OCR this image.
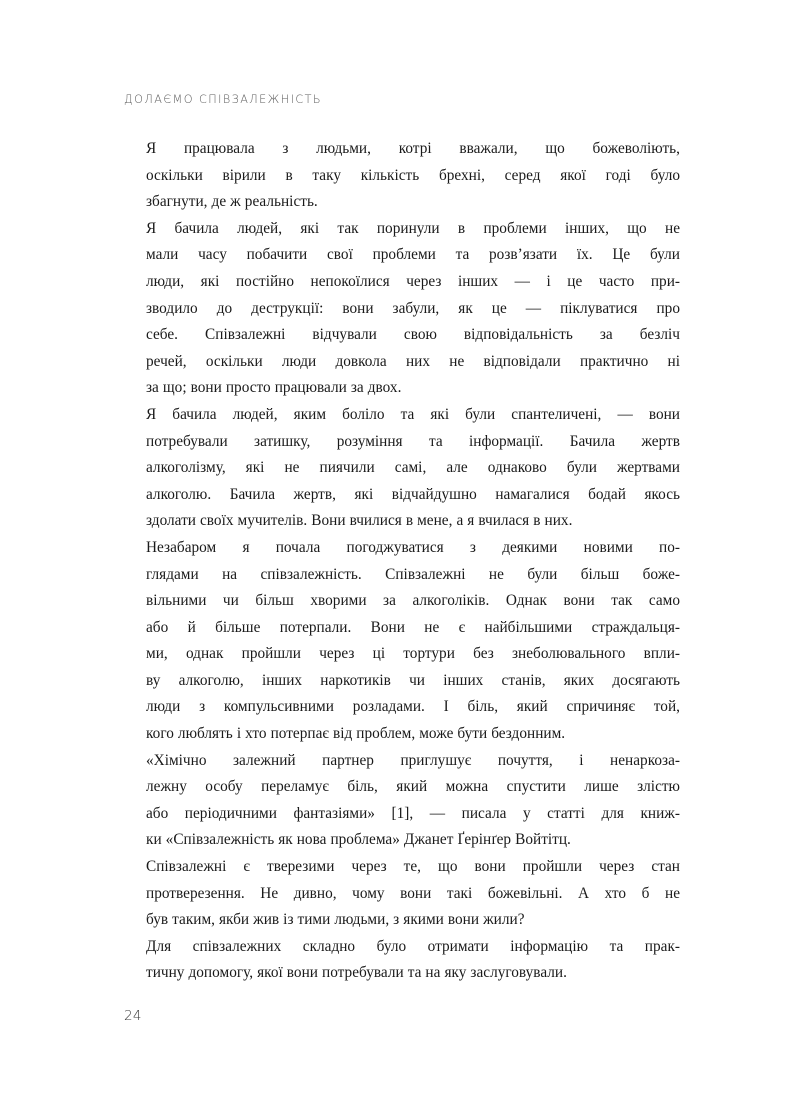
ДОЛАЄМО СПІВЗАЛЕЖНІСТЬ

Я працювала з людьми, котрі вважали, що божеволіють,
оскільки вірили в таку кількість брехні, серед якої годі було
збагнути, де ж реальність.

Я бачила людей, які так поринули в проблеми інших, що не
мали часу побачити свої проблеми та розв’язати їх. Це були
люди, які постійно непокоїлися через інших — і це часто при-
зводило до деструкції: вони забули, як це — піклуватися про
себе. Співзалежні відчували свою відповідальність за безліч
речей, оскільки люди довкола них не відповідали практично ні
за що; вони просто працювали за двох.

Я бачила людей, яким боліло та які були спантеличені, — вони
потребували затишку, розуміння та інформації. Бачила жертв
алкоголізму, які не пиячили самі, але однаково були жертвами
алкоголю. Бачила жертв, які відчайдушно намагалися бодай якось
здолати своїх мучителів. Вони вчилися в мене, а я вчилася в них.

Незабаром я почала погоджуватися з деякими новими по-
глядами на співзалежність. Співзалежні не були більш боже-
вільними чи більш хворими за алкоголіків. Однак вони так само
або й більше потерпали. Вони не є найбільшими страждальця-
ми, однак пройшли через ці тортури без знеболювального впли-
ву алкоголю, інших наркотиків чи інших станів, яких досягають
люди з компульсивними розладами. І біль, який спричиняє той,
кого люблять і хто потерпає від проблем, може бути бездонним.

«Хімічно залежний партнер приглушує почуття, і ненаркоза-
лежну особу переламує біль, який можна спустити лише злістю
або періодичними фантазіями» [1], — писала у статті для книж-
ки «Співзалежність як нова проблема» Джанет Ґерінґер Войтітц.

Співзалежні є тверезими через те, що вони пройшли через стан
протверезення. Не дивно, чому вони такі божевільні. А хто б не
був таким, якби жив із тими людьми, з якими вони жили?

Для співзалежних складно було отримати інформацію та прак-
тичну допомогу, якої вони потребували та на яку заслуговували.

24
